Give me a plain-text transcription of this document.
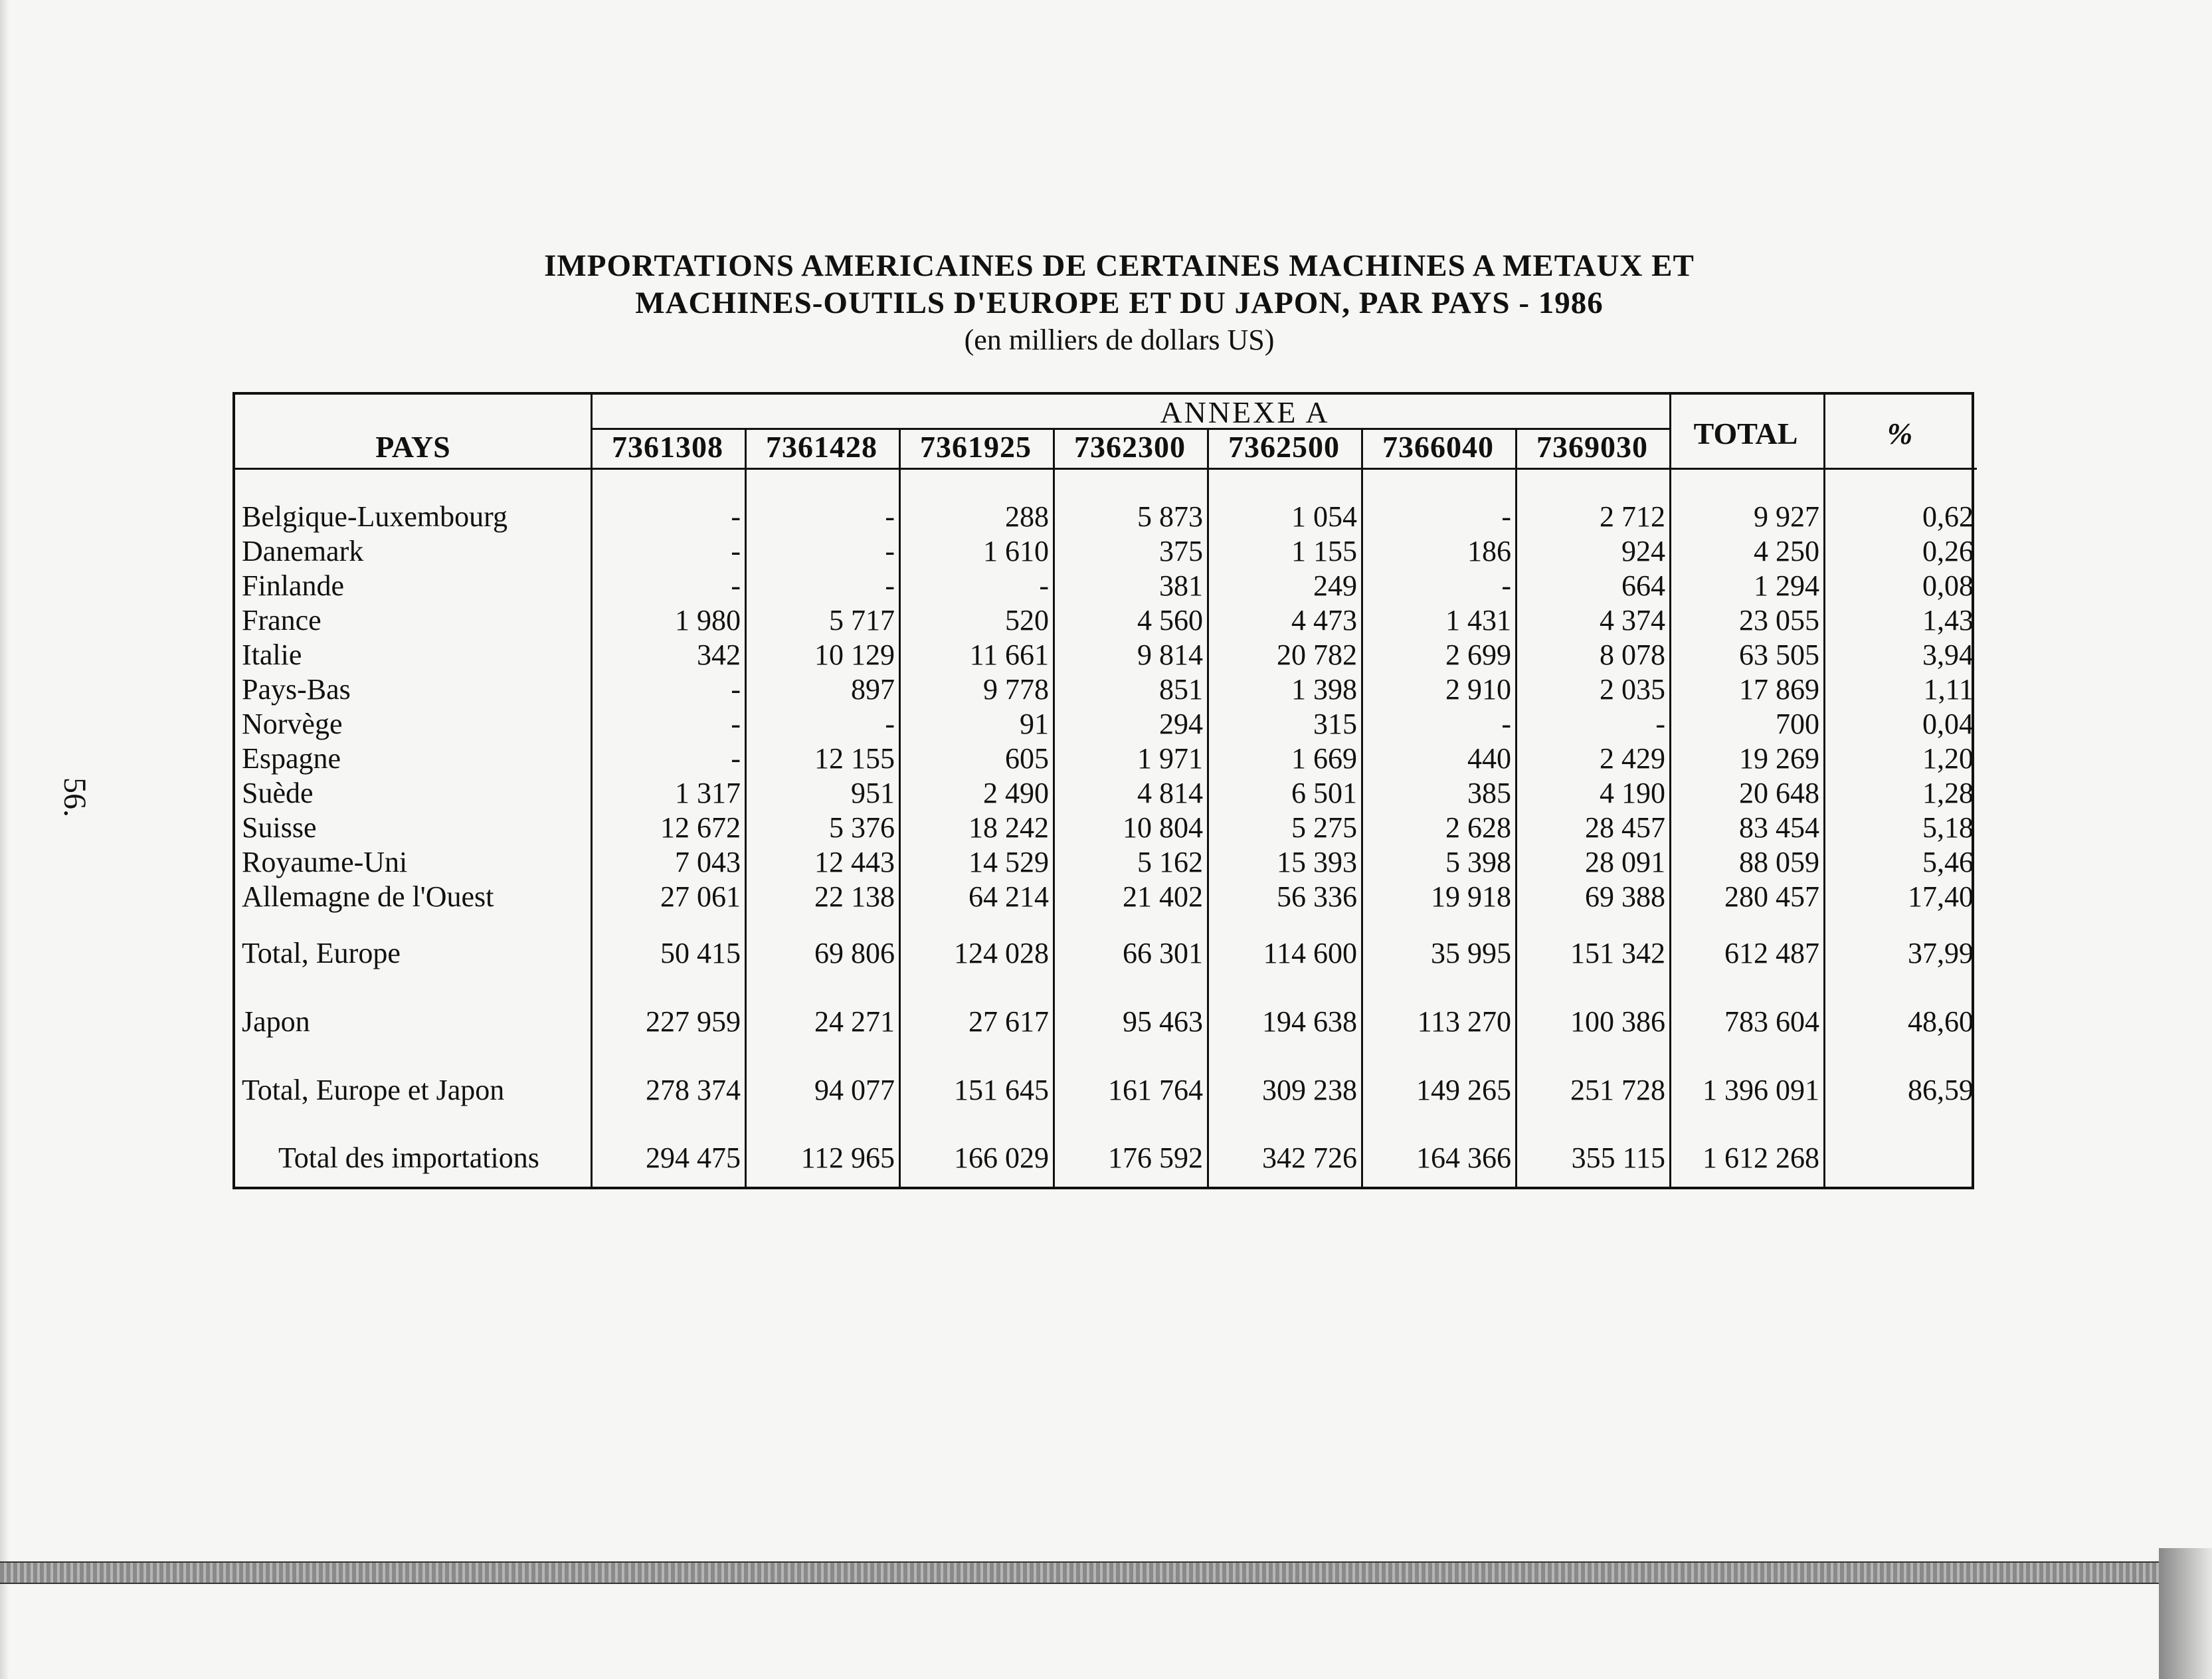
56.
IMPORTATIONS AMERICAINES DE CERTAINES MACHINES A METAUX ET
MACHINES-OUTILS D'EUROPE ET DU JAPON, PAR PAYS - 1986
(en milliers de dollars US)
PAYS
ANNEXE A
TOTAL	%
7361308	7361428	7361925	7362300	7362500	7366040	7369030
Belgique-Luxembourg	-	-	288	5 873	1 054	-	2 712	9 927	0,62
Danemark	-	-	1 610	375	1 155	186	924	4 250	0,26
Finlande	-	-	-	381	249	-	664	1 294	0,08
France	1 980	5 717	520	4 560	4 473	1 431	4 374	23 055	1,43
Italie	342	10 129	11 661	9 814	20 782	2 699	8 078	63 505	3,94
Pays-Bas	-	897	9 778	851	1 398	2 910	2 035	17 869	1,11
Norvège	-	-	91	294	315	-	-	700	0,04
Espagne	-	12 155	605	1 971	1 669	440	2 429	19 269	1,20
Suède	1 317	951	2 490	4 814	6 501	385	4 190	20 648	1,28
Suisse	12 672	5 376	18 242	10 804	5 275	2 628	28 457	83 454	5,18
Royaume-Uni	7 043	12 443	14 529	5 162	15 393	5 398	28 091	88 059	5,46
Allemagne de l'Ouest	27 061	22 138	64 214	21 402	56 336	19 918	69 388	280 457	17,40
Total, Europe	50 415	69 806	124 028	66 301	114 600	35 995	151 342	612 487	37,99
Japon	227 959	24 271	27 617	95 463	194 638	113 270	100 386	783 604	48,60
Total, Europe et Japon	278 374	94 077	151 645	161 764	309 238	149 265	251 728	1 396 091	86,59
Total des importations	294 475	112 965	166 029	176 592	342 726	164 366	355 115	1 612 268
